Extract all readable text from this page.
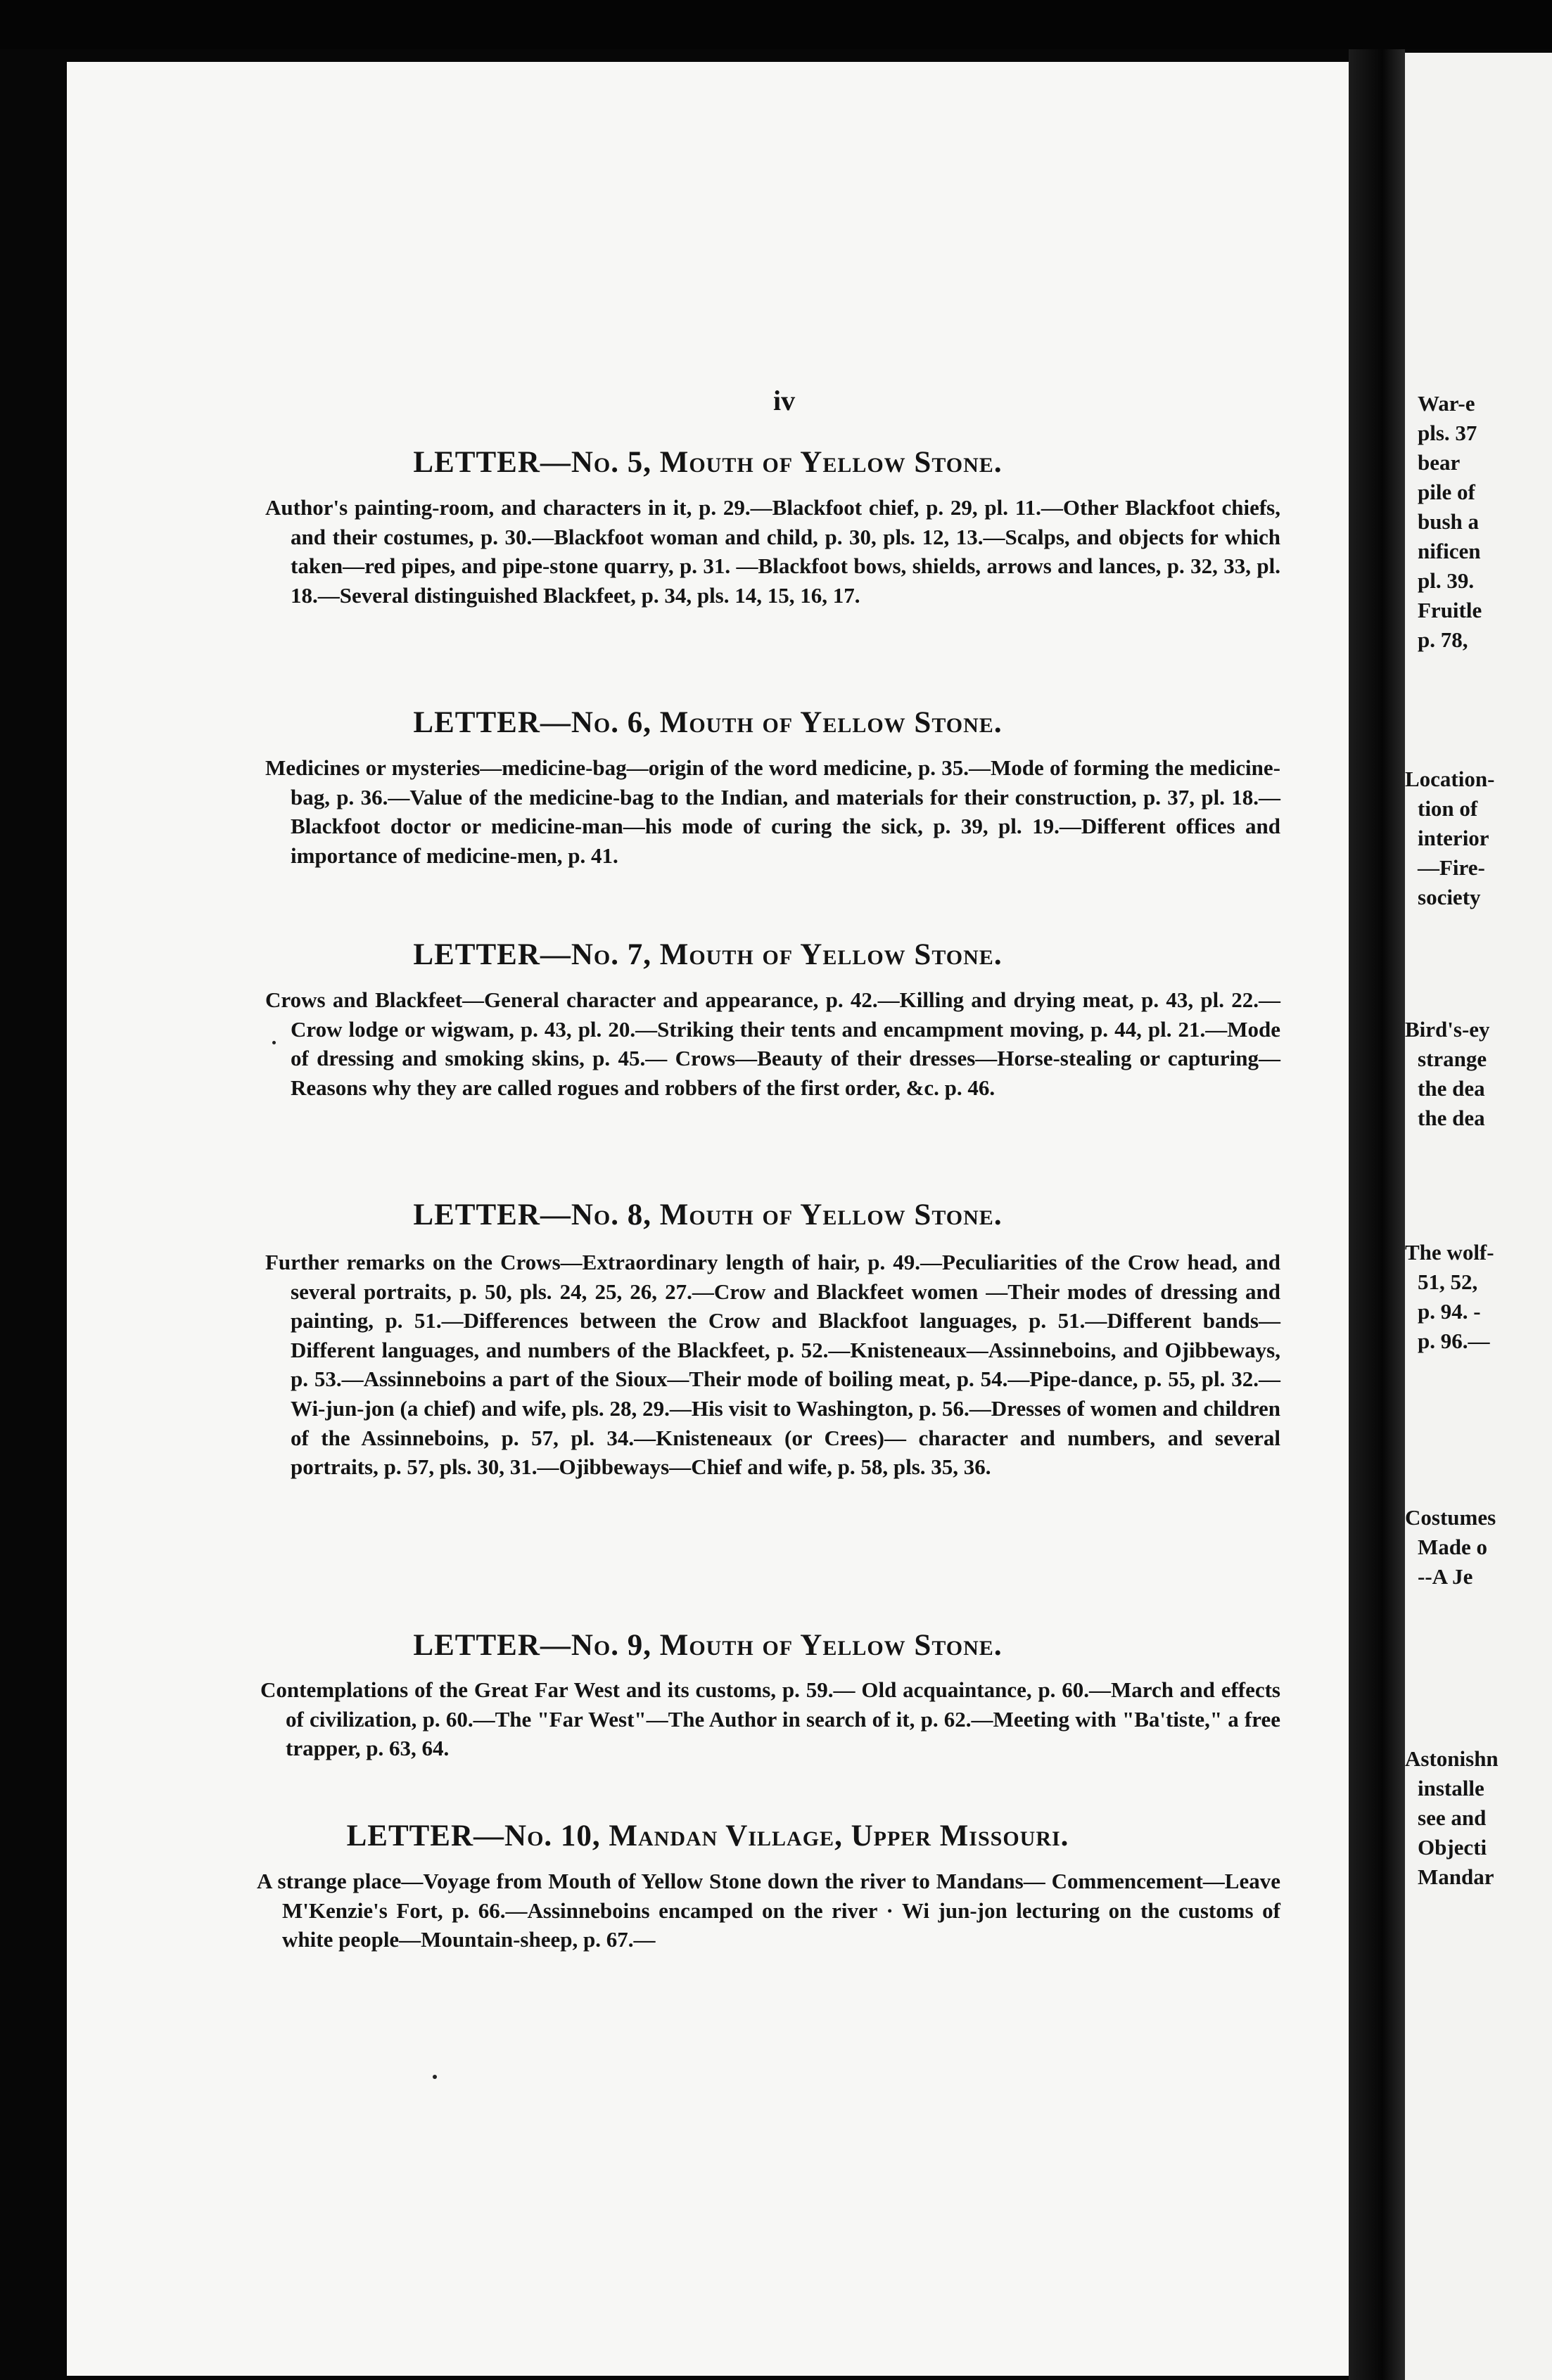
iv
LETTER—No. 5, Mouth of Yellow Stone.
Author's painting-room, and characters in it, p. 29.—Blackfoot chief, p. 29, pl. 11.—Other Blackfoot chiefs, and their costumes, p. 30.—Blackfoot woman and child, p. 30, pls. 12, 13.—Scalps, and objects for which taken—red pipes, and pipe-stone quarry, p. 31. —Blackfoot bows, shields, arrows and lances, p. 32, 33, pl. 18.—Several distinguished Blackfeet, p. 34, pls. 14, 15, 16, 17.
LETTER—No. 6, Mouth of Yellow Stone.
Medicines or mysteries—medicine-bag—origin of the word medicine, p. 35.—Mode of forming the medicine-bag, p. 36.—Value of the medicine-bag to the Indian, and materials for their construction, p. 37, pl. 18.—Blackfoot doctor or medicine-man—his mode of curing the sick, p. 39, pl. 19.—Different offices and importance of medicine-men, p. 41.
LETTER—No. 7, Mouth of Yellow Stone.
Crows and Blackfeet—General character and appearance, p. 42.—Killing and drying meat, p. 43, pl. 22.—Crow lodge or wigwam, p. 43, pl. 20.—Striking their tents and encampment moving, p. 44, pl. 21.—Mode of dressing and smoking skins, p. 45.— Crows—Beauty of their dresses—Horse-stealing or capturing—Reasons why they are called rogues and robbers of the first order, &c. p. 46.
LETTER—No. 8, Mouth of Yellow Stone.
Further remarks on the Crows—Extraordinary length of hair, p. 49.—Peculiarities of the Crow head, and several portraits, p. 50, pls. 24, 25, 26, 27.—Crow and Blackfeet women —Their modes of dressing and painting, p. 51.—Differences between the Crow and Blackfoot languages, p. 51.—Different bands—Different languages, and numbers of the Blackfeet, p. 52.—Knisteneaux—Assinneboins, and Ojibbeways, p. 53.—Assinneboins a part of the Sioux—Their mode of boiling meat, p. 54.—Pipe-dance, p. 55, pl. 32.— Wi-jun-jon (a chief) and wife, pls. 28, 29.—His visit to Washington, p. 56.—Dresses of women and children of the Assinneboins, p. 57, pl. 34.—Knisteneaux (or Crees)— character and numbers, and several portraits, p. 57, pls. 30, 31.—Ojibbeways—Chief and wife, p. 58, pls. 35, 36.
LETTER—No. 9, Mouth of Yellow Stone.
Contemplations of the Great Far West and its customs, p. 59.— Old acquaintance, p. 60.—March and effects of civilization, p. 60.—The "Far West"—The Author in search of it, p. 62.—Meeting with "Ba'tiste," a free trapper, p. 63, 64.
LETTER—No. 10, Mandan Village, Upper Missouri.
A strange place—Voyage from Mouth of Yellow Stone down the river to Mandans— Commencement—Leave M'Kenzie's Fort, p. 66.—Assinneboins encamped on the river · Wi jun-jon lecturing on the customs of white people—Mountain-sheep, p. 67.—
War-e
pls. 37
bear
pile of
bush a
nificen
pl. 39.
Fruitle
p. 78,
Location-
tion of
interior
—Fire-
society
Bird's-ey
strange
the dea
the dea
The wolf-
51, 52,
p. 94. -
p. 96.—
Costumes
Made o
--A Je
Astonishn
installe
see and
Objecti
Mandar
